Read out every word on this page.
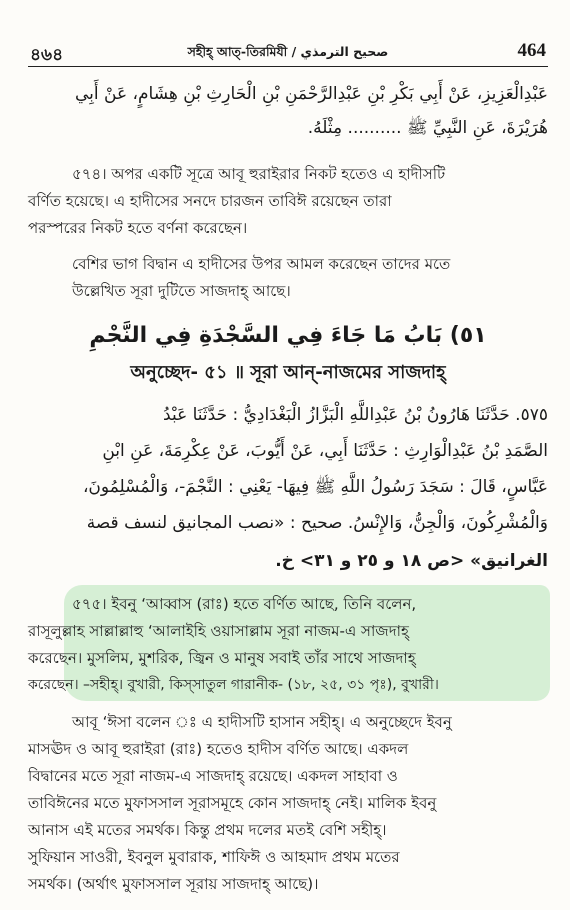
৪৬৪	সহীহ্ আত্-তিরমিযী / صحيح الترمذي	464
عَبْدِالْعَزِيزِ، عَنْ أَبِي بَكْرِ بْنِ عَبْدِالرَّحْمَنِ بْنِ الْحَارِثِ بْنِ هِشَامٍ، عَنْ أَبِي
هُرَيْرَةَ، عَنِ النَّبِيِّ ﷺ .......... مِثْلَهُ.
৫৭৪। অপর একটি সূত্রে আবূ হুরাইরার নিকট হতেও এ হাদীসটি
বর্ণিত হয়েছে। এ হাদীসের সনদে চারজন তাবিঈ রয়েছেন তারা
পরস্পরের নিকট হতে বর্ণনা করেছেন।
বেশির ভাগ বিদ্বান এ হাদীসের উপর আমল করেছেন তাদের মতে
উল্লেখিত সূরা দুটিতে সাজদাহ্ আছে।
٥١) بَابُ مَا جَاءَ فِي السَّجْدَةِ فِي النَّجْمِ
অনুচ্ছেদ- ৫১ ॥ সূরা আন্-নাজমের সাজদাহ্
٥٧٥. حَدَّثَنَا هَارُونُ بْنُ عَبْدِاللَّهِ الْبَزَّازُ الْبَغْدَادِيُّ : حَدَّثَنَا عَبْدُ
الصَّمَدِ بْنُ عَبْدِالْوَارِثِ : حَدَّثَنَا أَبِي، عَنْ أَيُّوبَ، عَنْ عِكْرِمَةَ، عَنِ ابْنِ
عَبَّاسٍ، قَالَ : سَجَدَ رَسُولُ اللَّهِ ﷺ فِيهَا- يَعْنِي : النَّجْمَ-، وَالْمُسْلِمُونَ،
وَالْمُشْرِكُونَ، وَالْجِنُّ، وَالإِنْسُ. صحيح : «نصب المجانيق لنسف قصة
الغرانيق» <ص ١٨ و ٢٥ و ٣١> خ.
৫৭৫। ইবনু ‘আব্বাস (রাঃ) হতে বর্ণিত আছে, তিনি বলেন,
রাসূলুল্লাহ সাল্লাল্লাহু ‘আলাইহি ওয়াসাল্লাম সূরা নাজম-এ সাজদাহ্
করেছেন। মুসলিম, মুশরিক, জ্বিন ও মানুষ সবাই তাঁর সাথে সাজদাহ্
করেছেন। –সহীহ্। বুখারী, কিস্সাতুল গারানীক- (১৮, ২৫, ৩১ পৃঃ), বুখারী।
আবূ ‘ঈসা বলেন ঃ এ হাদীসটি হাসান সহীহ্। এ অনুচ্ছেদে ইবনু
মাসঊদ ও আবূ হুরাইরা (রাঃ) হতেও হাদীস বর্ণিত আছে। একদল
বিদ্বানের মতে সূরা নাজম-এ সাজদাহ্ রয়েছে। একদল সাহাবা ও
তাবিঈনের মতে মুফাসসাল সূরাসমূহে কোন সাজদাহ্ নেই। মালিক ইবনু
আনাস এই মতের সমর্থক। কিন্তু প্রথম দলের মতই বেশি সহীহ্।
সুফিয়ান সাওরী, ইবনুল মুবারাক, শাফিঈ ও আহমাদ প্রথম মতের
সমর্থক। (অর্থাৎ মুফাসসাল সূরায় সাজদাহ্ আছে)।
